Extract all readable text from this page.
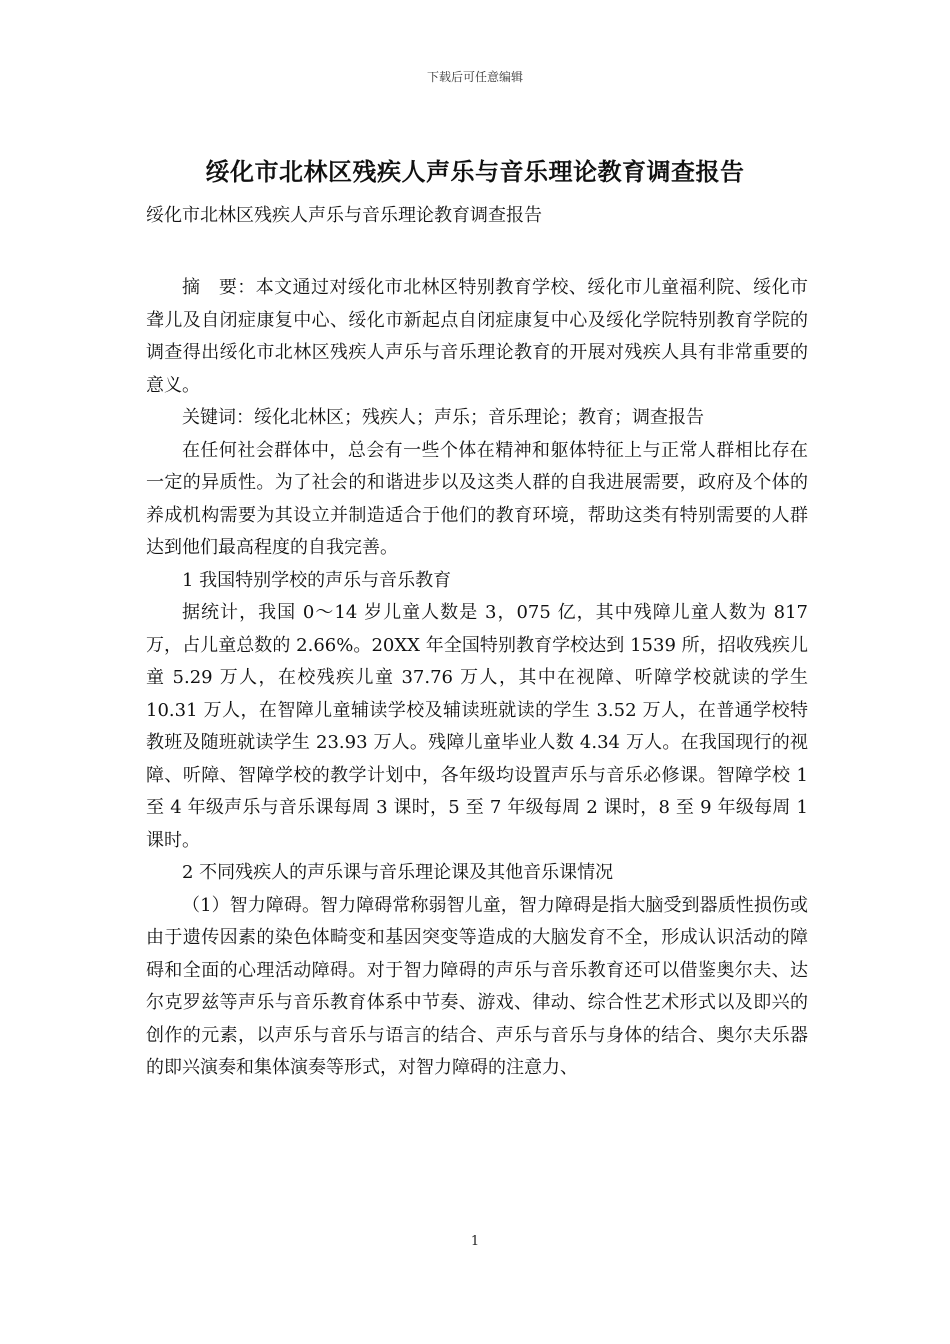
下载后可任意编辑
绥化市北林区残疾人声乐与音乐理论教育调查报告
绥化市北林区残疾人声乐与音乐理论教育调查报告

摘　要：本文通过对绥化市北林区特别教育学校、绥化市儿童福利院、绥化市聋儿及自闭症康复中心、绥化市新起点自闭症康复中心及绥化学院特别教育学院的调查得出绥化市北林区残疾人声乐与音乐理论教育的开展对残疾人具有非常重要的意义。

关键词：绥化北林区；残疾人；声乐；音乐理论；教育；调查报告

在任何社会群体中，总会有一些个体在精神和躯体特征上与正常人群相比存在一定的异质性。为了社会的和谐进步以及这类人群的自我进展需要，政府及个体的养成机构需要为其设立并制造适合于他们的教育环境，帮助这类有特别需要的人群达到他们最高程度的自我完善。

1 我国特别学校的声乐与音乐教育

据统计，我国 0～14 岁儿童人数是 3，075 亿，其中残障儿童人数为 817 万，占儿童总数的 2.66%。20XX 年全国特别教育学校达到 1539 所，招收残疾儿童 5.29 万人，在校残疾儿童 37.76 万人，其中在视障、听障学校就读的学生 10.31 万人，在智障儿童辅读学校及辅读班就读的学生 3.52 万人，在普通学校特教班及随班就读学生 23.93 万人。残障儿童毕业人数 4.34 万人。在我国现行的视障、听障、智障学校的教学计划中，各年级均设置声乐与音乐必修课。智障学校 1 至 4 年级声乐与音乐课每周 3 课时，5 至 7 年级每周 2 课时，8 至 9 年级每周 1 课时。

2 不同残疾人的声乐课与音乐理论课及其他音乐课情况

（1）智力障碍。智力障碍常称弱智儿童，智力障碍是指大脑受到器质性损伤或由于遗传因素的染色体畸变和基因突变等造成的大脑发育不全，形成认识活动的障碍和全面的心理活动障碍。对于智力障碍的声乐与音乐教育还可以借鉴奥尔夫、达尔克罗兹等声乐与音乐教育体系中节奏、游戏、律动、综合性艺术形式以及即兴的创作的元素，以声乐与音乐与语言的结合、声乐与音乐与身体的结合、奥尔夫乐器的即兴演奏和集体演奏等形式，对智力障碍的注意力、

1
